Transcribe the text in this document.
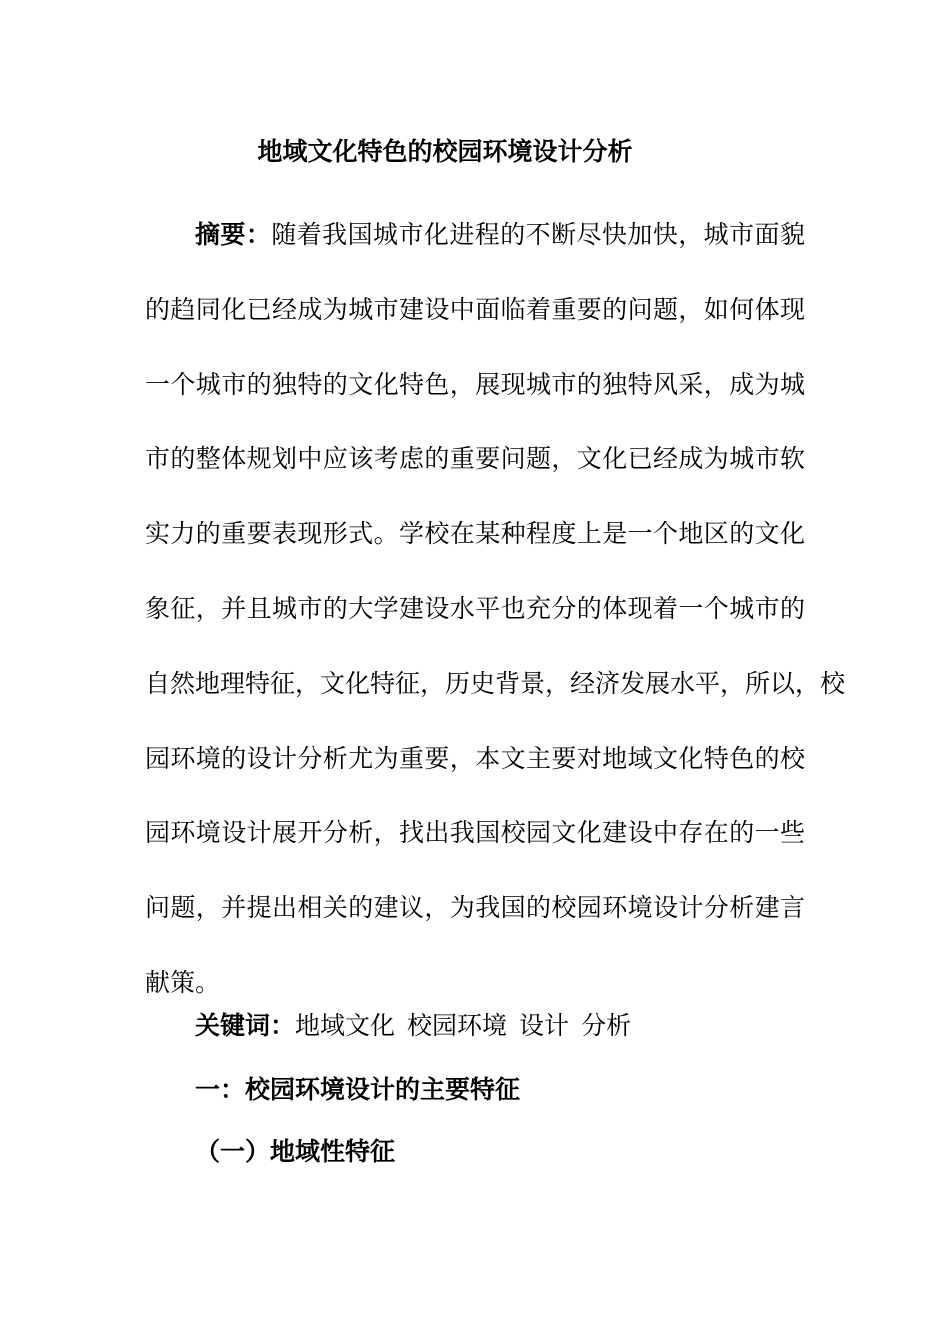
地域文化特色的校园环境设计分析
摘要：随着我国城市化进程的不断尽快加快，城市面貌
的趋同化已经成为城市建设中面临着重要的问题，如何体现
一个城市的独特的文化特色，展现城市的独特风采，成为城
市的整体规划中应该考虑的重要问题，文化已经成为城市软
实力的重要表现形式。学校在某种程度上是一个地区的文化
象征，并且城市的大学建设水平也充分的体现着一个城市的
自然地理特征，文化特征，历史背景，经济发展水平，所以，校
园环境的设计分析尤为重要，本文主要对地域文化特色的校
园环境设计展开分析，找出我国校园文化建设中存在的一些
问题，并提出相关的建议，为我国的校园环境设计分析建言
献策。
关键词：地域文化 校园环境 设计 分析
一：校园环境设计的主要特征
（一）地域性特征
